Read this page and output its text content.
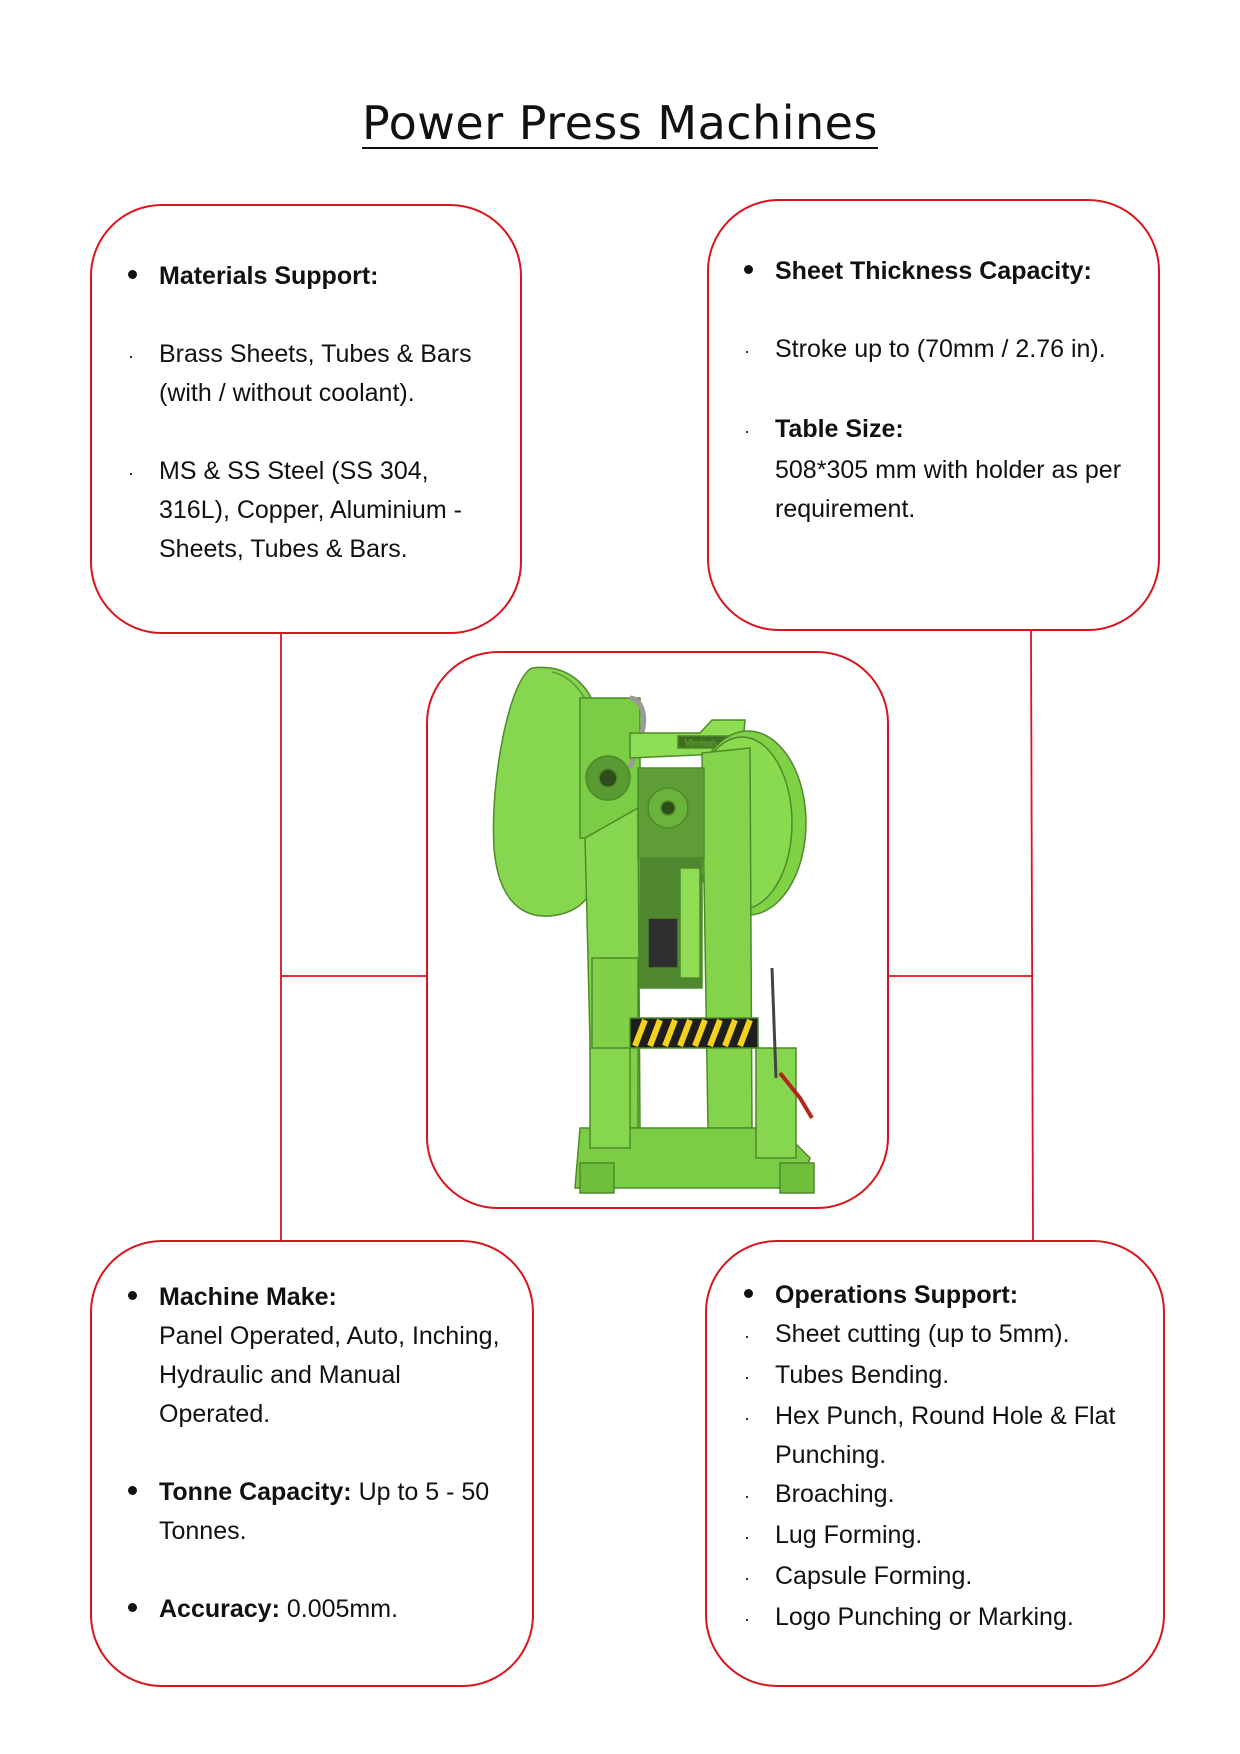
Power Press Machines
Materials Support:
·	Brass Sheets, Tubes & Bars (with / without coolant).
·	MS & SS Steel (SS 304, 316L), Copper, Aluminium - Sheets, Tubes & Bars.
Sheet Thickness Capacity:
·	Stroke up to (70mm / 2.76 in).
·	Table Size:
508*305 mm with holder as per requirement.
Vimlesh
Machine Make:
Panel Operated, Auto, Inching, Hydraulic and Manual Operated.
Tonne Capacity: Up to 5 - 50 Tonnes.
Accuracy: 0.005mm.
Operations Support:
·	Sheet cutting (up to 5mm).
·	Tubes Bending.
·	Hex Punch, Round Hole & Flat Punching.
·	Broaching.
·	Lug Forming.
·	Capsule Forming.
·	Logo Punching or Marking.
